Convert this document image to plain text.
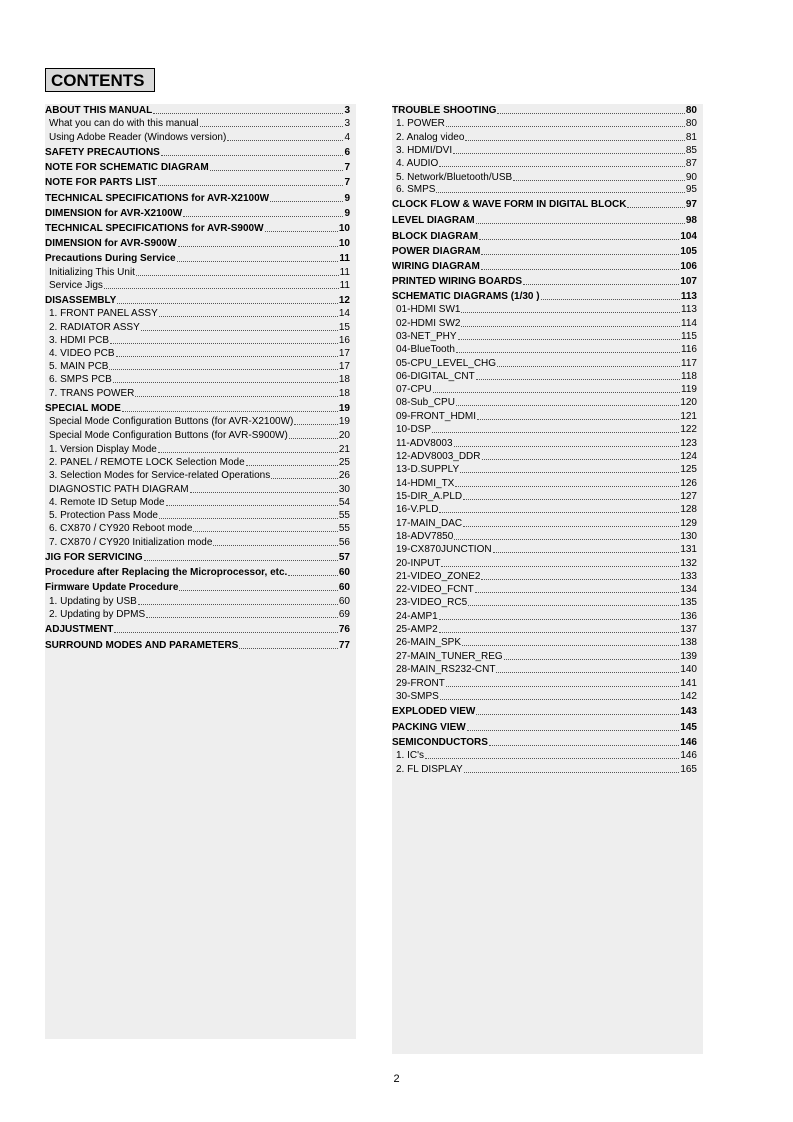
CONTENTS
ABOUT THIS MANUAL	3
What you can do with this manual	3
Using Adobe Reader (Windows version)	4
SAFETY PRECAUTIONS	6
NOTE FOR SCHEMATIC DIAGRAM	7
NOTE FOR PARTS LIST	7
TECHNICAL SPECIFICATIONS for AVR-X2100W	9
DIMENSION for AVR-X2100W	9
TECHNICAL SPECIFICATIONS for AVR-S900W	10
DIMENSION for AVR-S900W	10
Precautions During Service	11
Initializing This Unit	11
Service Jigs	11
DISASSEMBLY	12
1. FRONT PANEL ASSY	14
2. RADIATOR ASSY	15
3. HDMI PCB	16
4. VIDEO PCB	17
5. MAIN PCB	17
6. SMPS PCB	18
7. TRANS POWER	18
SPECIAL MODE	19
Special Mode Configuration Buttons (for AVR-X2100W)	19
Special Mode Configuration Buttons (for AVR-S900W)	20
1. Version Display Mode	21
2. PANEL / REMOTE LOCK Selection Mode	25
3. Selection Modes for Service-related Operations	26
DIAGNOSTIC PATH DIAGRAM	30
4. Remote ID Setup Mode	54
5. Protection Pass Mode	55
6. CX870 / CY920 Reboot mode	55
7. CX870 / CY920 Initialization mode	56
JIG FOR SERVICING	57
Procedure after Replacing the Microprocessor, etc.	60
Firmware Update Procedure	60
1. Updating by USB	60
2. Updating by DPMS	69
ADJUSTMENT	76
SURROUND MODES AND PARAMETERS	77
TROUBLE SHOOTING	80
1. POWER	80
2. Analog video	81
3. HDMI/DVI	85
4. AUDIO	87
5. Network/Bluetooth/USB	90
6. SMPS	95
CLOCK FLOW & WAVE FORM IN DIGITAL BLOCK	97
LEVEL DIAGRAM	98
BLOCK DIAGRAM	104
POWER DIAGRAM	105
WIRING DIAGRAM	106
PRINTED WIRING BOARDS	107
SCHEMATIC DIAGRAMS (1/30 )	113
01-HDMI SW1	113
02-HDMI SW2	114
03-NET_PHY	115
04-BlueTooth	116
05-CPU_LEVEL_CHG	117
06-DIGITAL_CNT	118
07-CPU	119
08-Sub_CPU	120
09-FRONT_HDMI	121
10-DSP	122
11-ADV8003	123
12-ADV8003_DDR	124
13-D.SUPPLY	125
14-HDMI_TX	126
15-DIR_A.PLD	127
16-V.PLD	128
17-MAIN_DAC	129
18-ADV7850	130
19-CX870JUNCTION	131
20-INPUT	132
21-VIDEO_ZONE2	133
22-VIDEO_FCNT	134
23-VIDEO_RC5	135
24-AMP1	136
25-AMP2	137
26-MAIN_SPK	138
27-MAIN_TUNER_REG	139
28-MAIN_RS232-CNT	140
29-FRONT	141
30-SMPS	142
EXPLODED VIEW	143
PACKING VIEW	145
SEMICONDUCTORS	146
1. IC's	146
2. FL DISPLAY	165
2
